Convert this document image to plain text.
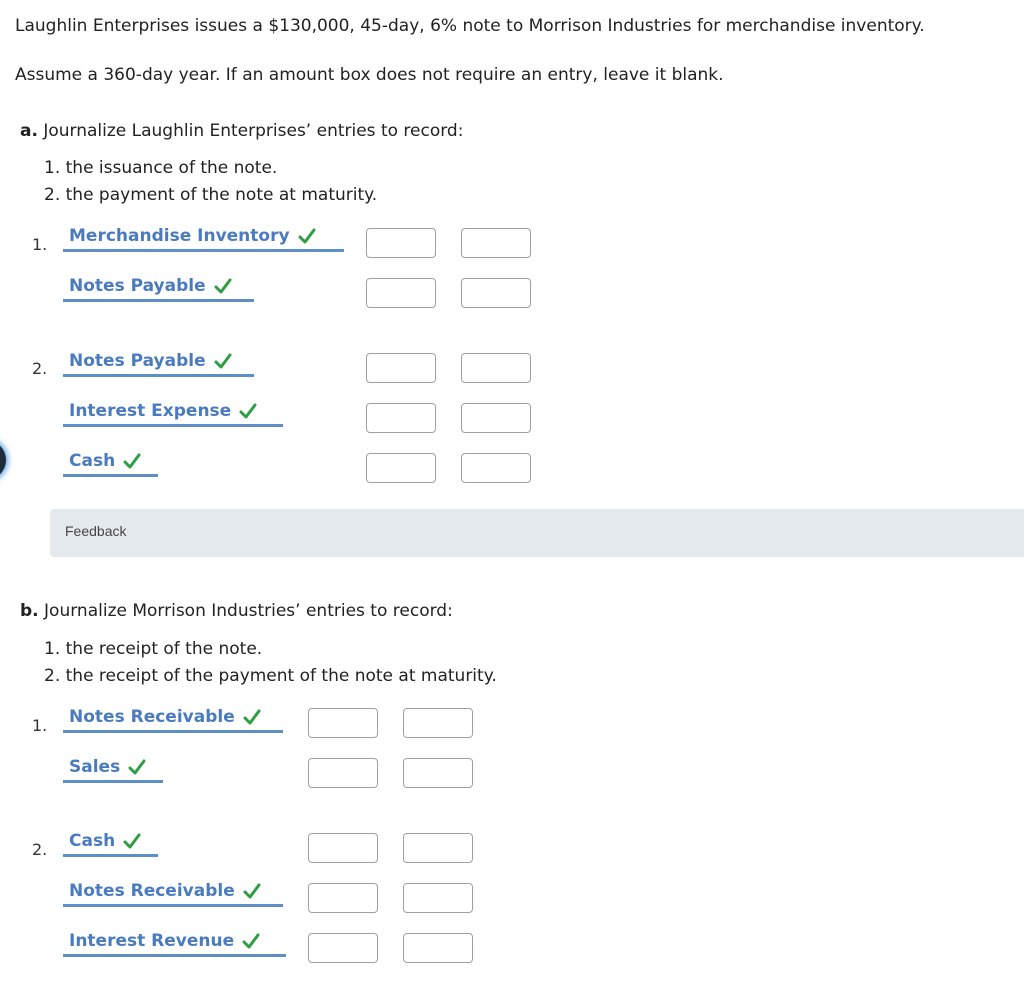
Laughlin Enterprises issues a $130,000, 45-day, 6% note to Morrison Industries for merchandise inventory.
Assume a 360-day year. If an amount box does not require an entry, leave it blank.
a. Journalize Laughlin Enterprises’ entries to record:
1. the issuance of the note.
2. the payment of the note at maturity.
1. Merchandise Inventory
Notes Payable
2. Notes Payable
Interest Expense
Cash
Feedback
b. Journalize Morrison Industries’ entries to record:
1. the receipt of the note.
2. the receipt of the payment of the note at maturity.
1. Notes Receivable
Sales
2. Cash
Notes Receivable
Interest Revenue
